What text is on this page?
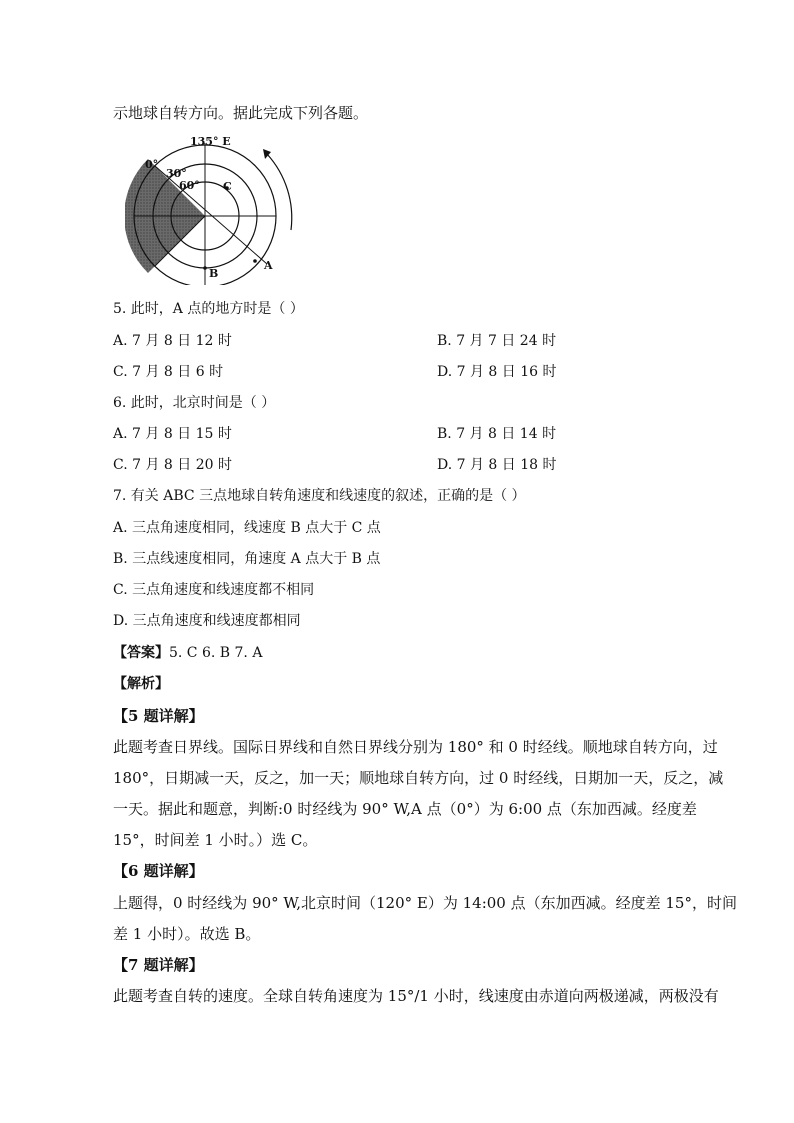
示地球自转方向。据此完成下列各题。
135° E
0°
30°
60° C
A
B
5. 此时，A 点的地方时是（ ）
A. 7 月 8 日 12 时	B. 7 月 7 日 24 时
C. 7 月 8 日 6 时	D. 7 月 8 日 16 时
6. 此时，北京时间是（ ）
A. 7 月 8 日 15 时	B. 7 月 8 日 14 时
C. 7 月 8 日 20 时	D. 7 月 8 日 18 时
7. 有关 ABC 三点地球自转角速度和线速度的叙述，正确的是（ ）
A. 三点角速度相同，线速度 B 点大于 C 点
B. 三点线速度相同，角速度 A 点大于 B 点
C. 三点角速度和线速度都不相同
D. 三点角速度和线速度都相同
【答案】5. C 6. B 7. A
【解析】
【5 题详解】
此题考查日界线。国际日界线和自然日界线分别为 180° 和 0 时经线。顺地球自转方向，过
180°，日期减一天，反之，加一天；顺地球自转方向，过 0 时经线，日期加一天，反之，减
一天。据此和题意，判断:0 时经线为 90° W,A 点（0°）为 6:00 点（东加西减。经度差
15°，时间差 1 小时。）选 C。
【6 题详解】
上题得，0 时经线为 90° W,北京时间（120° E）为 14:00 点（东加西减。经度差 15°，时间
差 1 小时）。故选 B。
【7 题详解】
此题考查自转的速度。全球自转角速度为 15°/1 小时，线速度由赤道向两极递减，两极没有
